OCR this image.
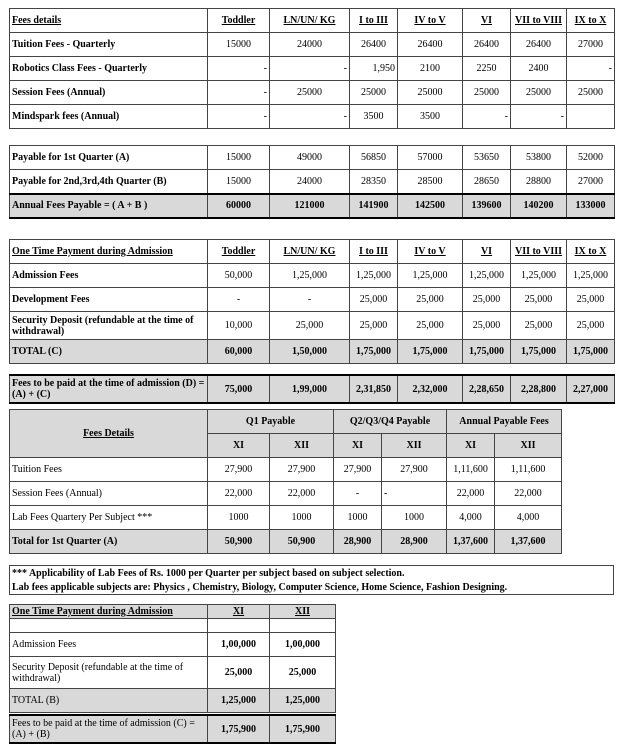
Fees details	Toddler	LN/UN/ KG	I to III	IV to V	VI	VII to VIII	IX to X
Tuition Fees - Quarterly	15000	24000	26400	26400	26400	26400	27000
Robotics Class Fees - Quarterly	-	-	1,950	2100	2250	2400	-
Session Fees (Annual)	-	25000	25000	25000	25000	25000	25000
Mindspark fees (Annual)	-	-	3500	3500	-	-	
Payable for 1st Quarter (A)	15000	49000	56850	57000	53650	53800	52000
Payable for 2nd,3rd,4th Quarter (B)	15000	24000	28350	28500	28650	28800	27000
Annual Fees Payable = ( A + B )	60000	121000	141900	142500	139600	140200	133000
One Time Payment during Admission	Toddler	LN/UN/ KG	I to III	IV to V	VI	VII to VIII	IX to X
Admission Fees	50,000	1,25,000	1,25,000	1,25,000	1,25,000	1,25,000	1,25,000
Development Fees	-	-	25,000	25,000	25,000	25,000	25,000
Security Deposit (refundable at the time of withdrawal)	10,000	25,000	25,000	25,000	25,000	25,000	25,000
TOTAL (C)	60,000	1,50,000	1,75,000	1,75,000	1,75,000	1,75,000	1,75,000
Fees to be paid at the time of admission (D) = (A) + (C)	75,000	1,99,000	2,31,850	2,32,000	2,28,650	2,28,800	2,27,000
Fees Details	Q1 Payable		Q2/Q3/Q4 Payable		Annual Payable Fees	
	XI	XII	XI	XII	XI	XII
Tuition Fees	27,900	27,900	27,900	27,900	1,11,600	1,11,600
Session Fees (Annual)	22,000	22,000	-	-	22,000	22,000
Lab Fees Quartery Per Subject ***	1000	1000	1000	1000	4,000	4,000
Total for 1st Quarter (A)	50,900	50,900	28,900	28,900	1,37,600	1,37,600
*** Applicability of Lab Fees of Rs. 1000 per Quarter per subject based on subject selection.
Lab fees applicable subjects are: Physics , Chemistry, Biology, Computer Science, Home Science, Fashion Designing.
One Time Payment during Admission	XI	XII

Admission Fees	1,00,000	1,00,000
Security Deposit (refundable at the time of withdrawal)	25,000	25,000
TOTAL (B)	1,25,000	1,25,000
Fees to be paid at the time of admission (C) = (A) + (B)	1,75,900	1,75,900
